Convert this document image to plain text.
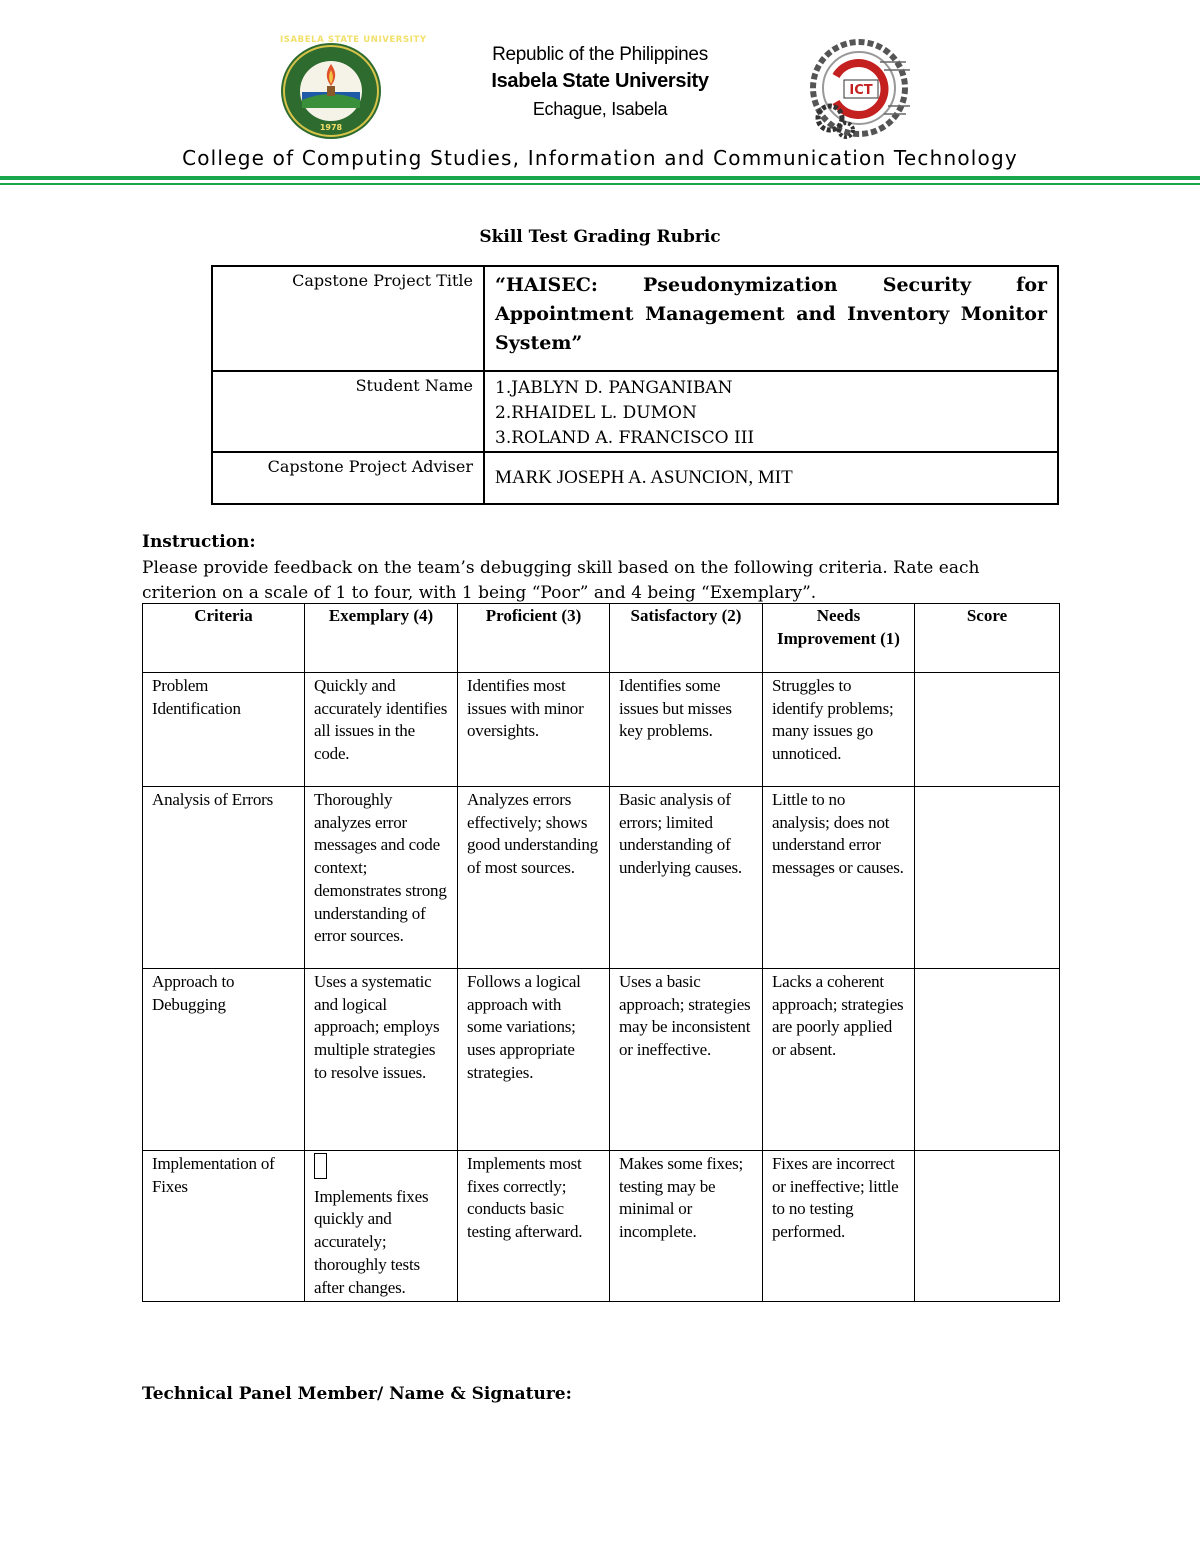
ISABELA STATE UNIVERSITY
1978
ICT
Republic of the Philippines
Isabela State University
Echague, Isabela
College of Computing Studies, Information and Communication Technology
Skill Test Grading Rubric
Capstone Project Title	“HAISEC: Pseudonymization Security for Appointment Management and Inventory Monitor System”

Student Name	1.JABLYN D. PANGANIBAN
2.RHAIDEL L. DUMON
3.ROLAND A. FRANCISCO III

Capstone Project Adviser	MARK JOSEPH A. ASUNCION, MIT
Instruction:
Please provide feedback on the team’s debugging skill based on the following criteria. Rate each criterion on a scale of 1 to four, with 1 being “Poor” and 4 being “Exemplary”.
Criteria	Exemplary (4)	Proficient (3)	Satisfactory (2)	Needs Improvement (1)	Score
Problem Identification	Quickly and accurately identifies all issues in the code.	Identifies most issues with minor oversights.	Identifies some issues but misses key problems.	Struggles to identify problems; many issues go unnoticed.	
Analysis of Errors	Thoroughly analyzes error messages and code context; demonstrates strong understanding of error sources.	Analyzes errors effectively; shows good understanding of most sources.	Basic analysis of errors; limited understanding of underlying causes.	Little to no analysis; does not understand error messages or causes.	
Approach to Debugging	Uses a systematic and logical approach; employs multiple strategies to resolve issues.	Follows a logical approach with some variations; uses appropriate strategies.	Uses a basic approach; strategies may be inconsistent or ineffective.	Lacks a coherent approach; strategies are poorly applied or absent.	
Implementation of Fixes	Implements fixes quickly and accurately; thoroughly tests after changes.	Implements most fixes correctly; conducts basic testing afterward.	Makes some fixes; testing may be minimal or incomplete.	Fixes are incorrect or ineffective; little to no testing performed.	
Technical Panel Member/ Name & Signature:
